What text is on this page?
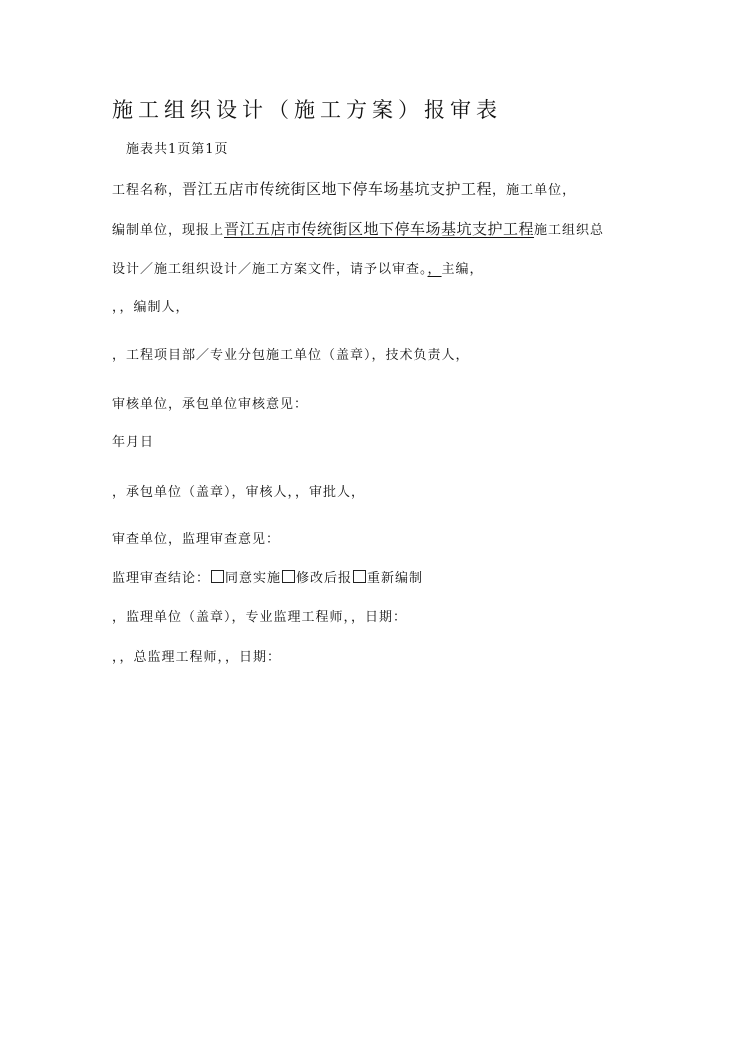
施工组织设计（施工方案）报审表
施表共1页第1页
工程名称，晋江五店市传统街区地下停车场基坑支护工程，施工单位，
编制单位，现报上晋江五店市传统街区地下停车场基坑支护工程施工组织总
设计／施工组织设计／施工方案文件，请予以审查。，主编，
，，编制人，
，工程项目部／专业分包施工单位（盖章），技术负责人，
审核单位，承包单位审核意见：
年月日
，承包单位（盖章），审核人，，审批人，
审查单位，监理审查意见：
监理审查结论： 同意实施 修改后报 重新编制
，监理单位（盖章），专业监理工程师，，日期：
，，总监理工程师，，日期：
